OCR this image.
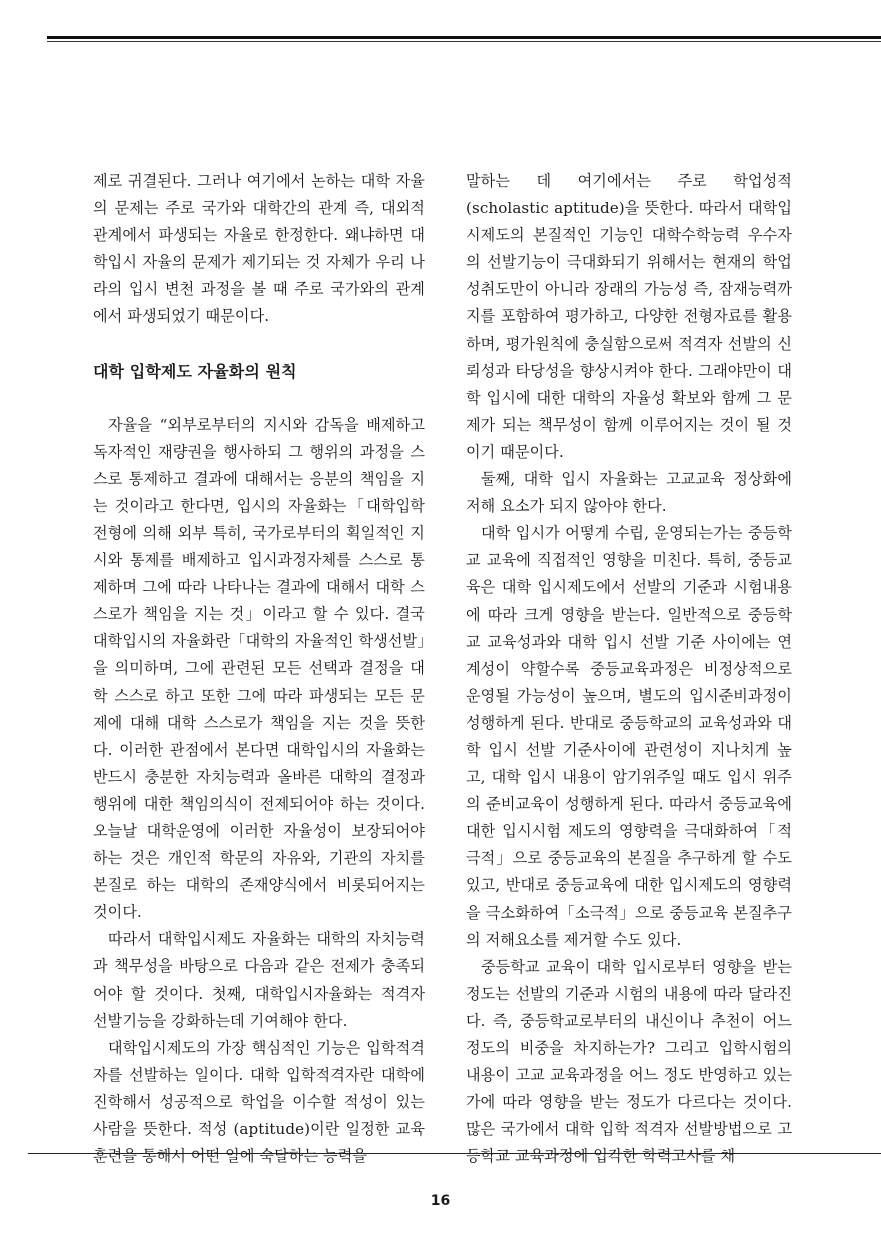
제로 귀결된다. 그러나 여기에서 논하는 대학 자율의 문제는 주로 국가와 대학간의 관계 즉, 대외적 관계에서 파생되는 자율로 한정한다. 왜냐하면 대학입시 자율의 문제가 제기되는 것 자체가 우리 나라의 입시 변천 과정을 볼 때 주로 국가와의 관계에서 파생되었기 때문이다.

대학 입학제도 자율화의 원칙

자율을 “외부로부터의 지시와 감독을 배제하고 독자적인 재량권을 행사하되 그 행위의 과정을 스스로 통제하고 결과에 대해서는 응분의 책임을 지는 것이라고 한다면, 입시의 자율화는「대학입학 전형에 의해 외부 특히, 국가로부터의 획일적인 지시와 통제를 배제하고 입시과정자체를 스스로 통제하며 그에 따라 나타나는 결과에 대해서 대학 스스로가 책임을 지는 것」이라고 할 수 있다. 결국 대학입시의 자율화란「대학의 자율적인 학생선발」을 의미하며, 그에 관련된 모든 선택과 결정을 대학 스스로 하고 또한 그에 따라 파생되는 모든 문제에 대해 대학 스스로가 책임을 지는 것을 뜻한다. 이러한 관점에서 본다면 대학입시의 자율화는 반드시 충분한 자치능력과 올바른 대학의 결정과 행위에 대한 책임의식이 전제되어야 하는 것이다. 오늘날 대학운영에 이러한 자율성이 보장되어야 하는 것은 개인적 학문의 자유와, 기관의 자치를 본질로 하는 대학의 존재양식에서 비롯되어지는 것이다.

따라서 대학입시제도 자율화는 대학의 자치능력과 책무성을 바탕으로 다음과 같은 전제가 충족되어야 할 것이다. 첫째, 대학입시자율화는 적격자 선발기능을 강화하는데 기여해야 한다.

대학입시제도의 가장 핵심적인 기능은 입학적격자를 선발하는 일이다. 대학 입학적격자란 대학에 진학해서 성공적으로 학업을 이수할 적성이 있는 사람을 뜻한다. 적성 (aptitude)이란 일정한 교육훈련을 통해서 어떤 일에 숙달하는 능력을

말하는 데 여기에서는 주로 학업성적 (scholastic aptitude)을 뜻한다. 따라서 대학입시제도의 본질적인 기능인 대학수학능력 우수자의 선발기능이 극대화되기 위해서는 현재의 학업성취도만이 아니라 장래의 가능성 즉, 잠재능력까지를 포함하여 평가하고, 다양한 전형자료를 활용하며, 평가원칙에 충실함으로써 적격자 선발의 신뢰성과 타당성을 향상시켜야 한다. 그래야만이 대학 입시에 대한 대학의 자율성 확보와 함께 그 문제가 되는 책무성이 함께 이루어지는 것이 될 것이기 때문이다.

둘째, 대학 입시 자율화는 고교교육 정상화에 저해 요소가 되지 않아야 한다.

대학 입시가 어떻게 수립, 운영되는가는 중등학교 교육에 직접적인 영향을 미친다. 특히, 중등교육은 대학 입시제도에서 선발의 기준과 시험내용에 따라 크게 영향을 받는다. 일반적으로 중등학교 교육성과와 대학 입시 선발 기준 사이에는 연계성이 약할수록 중등교육과정은 비정상적으로 운영될 가능성이 높으며, 별도의 입시준비과정이 성행하게 된다. 반대로 중등학교의 교육성과와 대학 입시 선발 기준사이에 관련성이 지나치게 높고, 대학 입시 내용이 암기위주일 때도 입시 위주의 준비교육이 성행하게 된다. 따라서 중등교육에 대한 입시시험 제도의 영향력을 극대화하여「적극적」으로 중등교육의 본질을 추구하게 할 수도 있고, 반대로 중등교육에 대한 입시제도의 영향력을 극소화하여「소극적」으로 중등교육 본질추구의 저해요소를 제거할 수도 있다.

중등학교 교육이 대학 입시로부터 영향을 받는 정도는 선발의 기준과 시험의 내용에 따라 달라진다. 즉, 중등학교로부터의 내신이나 추천이 어느 정도의 비중을 차지하는가? 그리고 입학시험의 내용이 고교 교육과정을 어느 정도 반영하고 있는가에 따라 영향을 받는 정도가 다르다는 것이다. 많은 국가에서 대학 입학 적격자 선발방법으로 고등학교 교육과정에 입각한 학력고사를 채

16
